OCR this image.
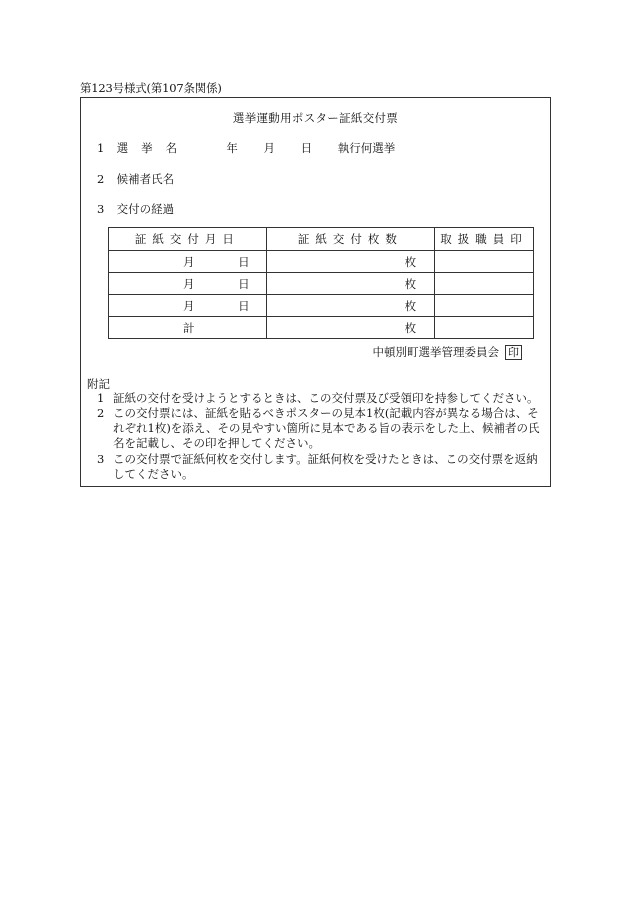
第123号様式(第107条関係)
選挙運動用ポスター証紙交付票
1 選挙名	年 月 日 執行何選挙
2 候補者氏名
3 交付の経過
証紙交付月日	証紙交付枚数	取扱職員印

月 日	枚	

月 日	枚	

月 日	枚	

計	枚	
中頓別町選挙管理委員会 印
附記
1 証紙の交付を受けようとするときは、この交付票及び受領印を持参してください。
2 この交付票には、証紙を貼るべきポスターの見本1枚(記載内容が異なる場合は、それぞれ1枚)を添え、その見やすい箇所に見本である旨の表示をした上、候補者の氏名を記載し、その印を押してください。
3 この交付票で証紙何枚を交付します。証紙何枚を受けたときは、この交付票を返納してください。
